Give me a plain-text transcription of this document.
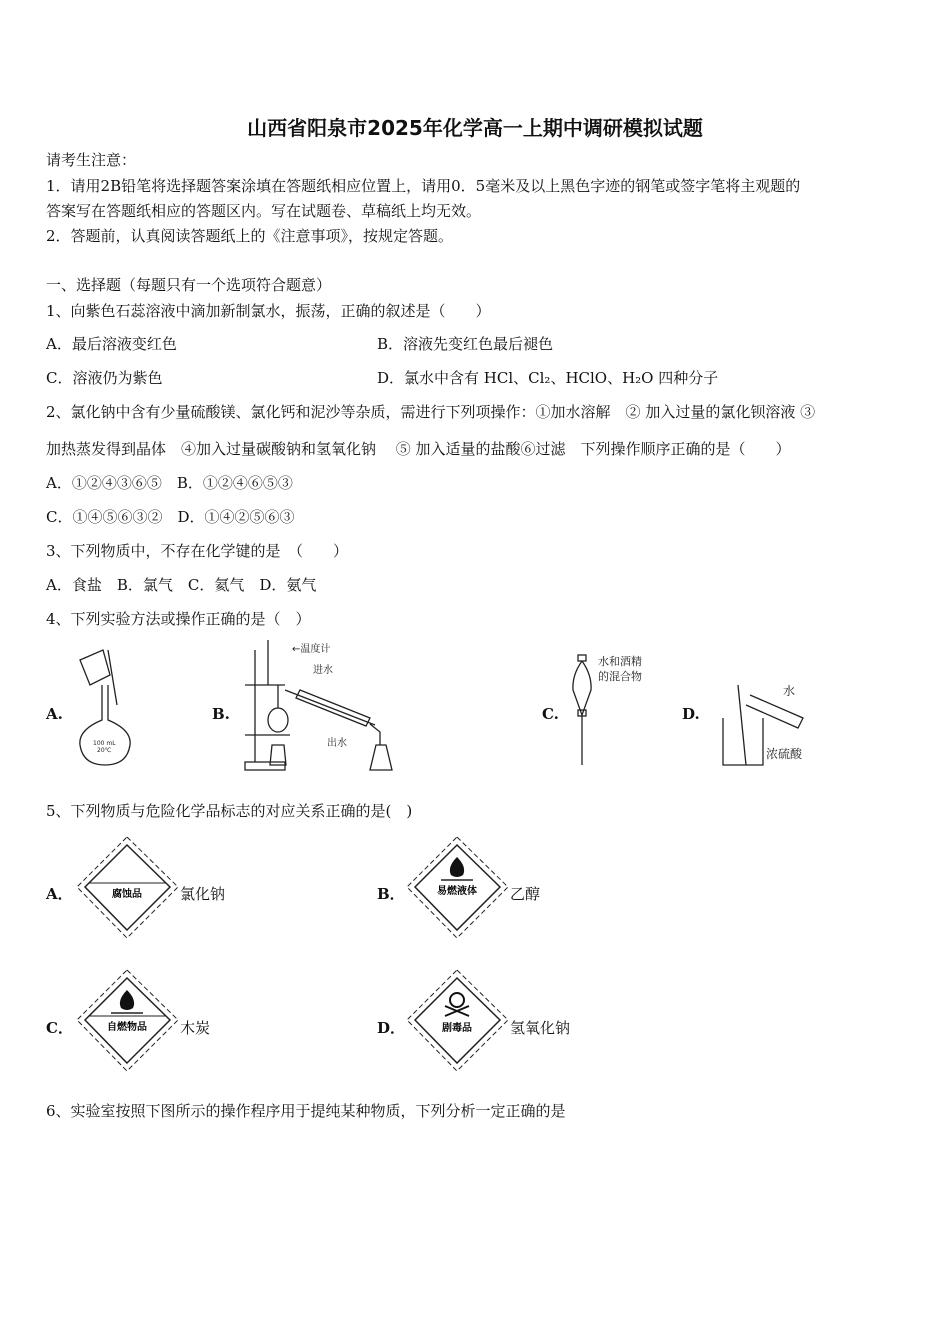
山西省阳泉市2025年化学高一上期中调研模拟试题
请考生注意：
1．请用2B铅笔将选择题答案涂填在答题纸相应位置上，请用0．5毫米及以上黑色字迹的钢笔或签字笔将主观题的
答案写在答题纸相应的答题区内。写在试题卷、草稿纸上均无效。
2．答题前，认真阅读答题纸上的《注意事项》，按规定答题。
一、选择题（每题只有一个选项符合题意）
1、向紫色石蕊溶液中滴加新制氯水，振荡，正确的叙述是（　　）
A．最后溶液变红色	B．溶液先变红色最后褪色
C．溶液仍为紫色	D．氯水中含有 HCl、Cl₂、HClO、H₂O 四种分子
2、氯化钠中含有少量硫酸镁、氯化钙和泥沙等杂质，需进行下列项操作：①加水溶解　② 加入过量的氯化钡溶液 ③
加热蒸发得到晶体　④加入过量碳酸钠和氢氧化钠　 ⑤ 加入适量的盐酸⑥过滤　下列操作顺序正确的是（　　）
A．①②④③⑥⑤　B．①②④⑥⑤③
C．①④⑤⑥③②　D．①④②⑤⑥③
3、下列物质中，不存在化学键的是　（　　）
A．食盐　B．氯气　C．氦气　D．氨气
4、下列实验方法或操作正确的是（　）
A.	B.	C.	D.
100 mL
20℃
←温度计
进水
出水
水和酒精
的混合物
水
浓硫酸
5、下列物质与危险化学品标志的对应关系正确的是(　)
A．	B．
C．	D．
腐蚀品	氯化钠	易燃液体 乙醇
自燃物品 木炭	剧毒品	氢氧化钠
6、实验室按照下图所示的操作程序用于提纯某种物质，下列分析一定正确的是
